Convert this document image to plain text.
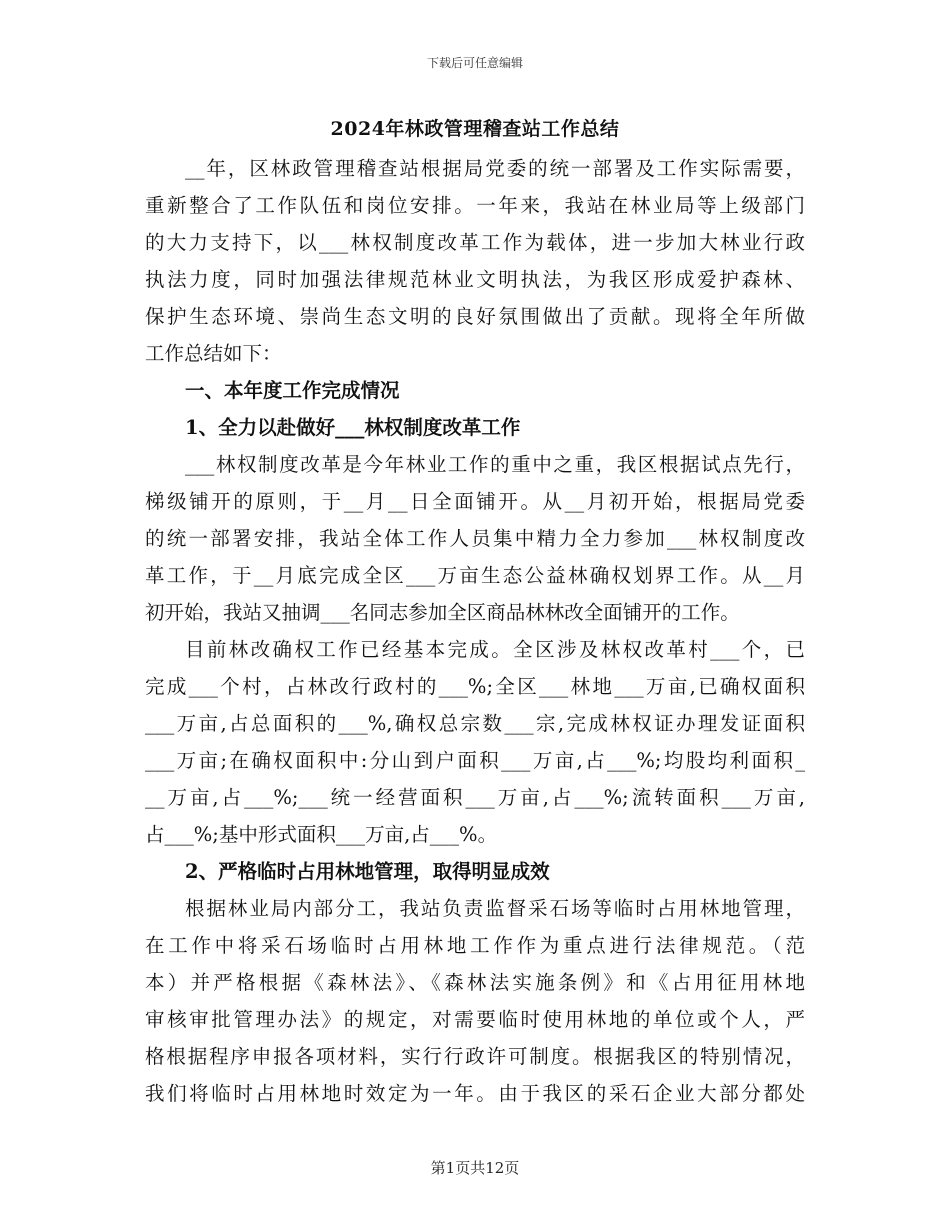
下载后可任意编辑
2024年林政管理稽查站工作总结
__年，区林政管理稽查站根据局党委的统一部署及工作实际需要，
重新整合了工作队伍和岗位安排。一年来，我站在林业局等上级部门
的大力支持下，以___林权制度改革工作为载体，进一步加大林业行政
执法力度，同时加强法律规范林业文明执法，为我区形成爱护森林、
保护生态环境、崇尚生态文明的良好氛围做出了贡献。现将全年所做
工作总结如下：
一、本年度工作完成情况
1、全力以赴做好___林权制度改革工作
___林权制度改革是今年林业工作的重中之重，我区根据试点先行，
梯级铺开的原则，于__月__日全面铺开。从__月初开始，根据局党委
的统一部署安排，我站全体工作人员集中精力全力参加___林权制度改
革工作，于__月底完成全区___万亩生态公益林确权划界工作。从__月
初开始，我站又抽调___名同志参加全区商品林林改全面铺开的工作。
目前林改确权工作已经基本完成。全区涉及林权改革村___个，已
完成___个村，占林改行政村的___%;全区___林地___万亩,已确权面积
___万亩,占总面积的___%,确权总宗数___宗,完成林权证办理发证面积
___万亩;在确权面积中:分山到户面积___万亩,占___%;均股均利面积_
__万亩,占___%;___统一经营面积___万亩,占___%;流转面积___万亩,
占___%;基中形式面积___万亩,占___%。
2、严格临时占用林地管理，取得明显成效
根据林业局内部分工，我站负责监督采石场等临时占用林地管理，
在工作中将采石场临时占用林地工作作为重点进行法律规范。（范
本）并严格根据《森林法》、《森林法实施条例》和《占用征用林地
审核审批管理办法》的规定，对需要临时使用林地的单位或个人，严
格根据程序申报各项材料，实行行政许可制度。根据我区的特别情况，
我们将临时占用林地时效定为一年。由于我区的采石企业大部分都处
第1页共12页
